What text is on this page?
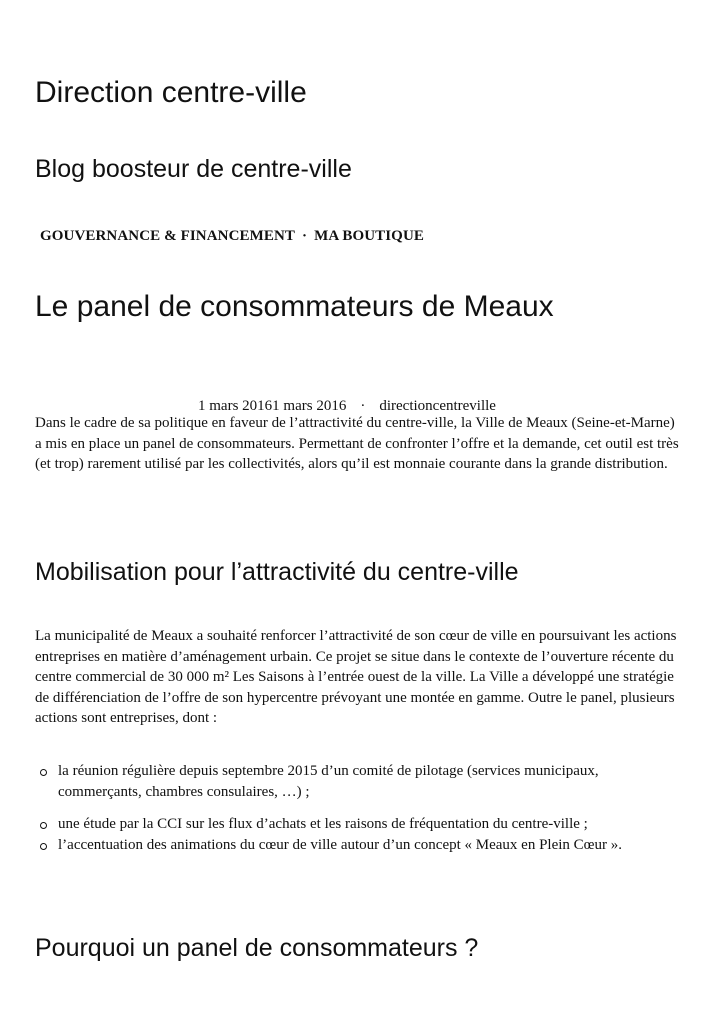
Direction centre-ville

Blog boosteur de centre-ville

GOUVERNANCE & FINANCEMENT · MA BOUTIQUE
Le panel de consommateurs de Meaux
1 mars 20161 mars 2016 · directioncentreville

Dans le cadre de sa politique en faveur de l’attractivité du centre-ville, la Ville de Meaux (Seine-et-Marne) a mis en place un panel de consommateurs. Permettant de confronter l’offre et la demande, cet outil est très (et trop) rarement utilisé par les collectivités, alors qu’il est monnaie courante dans la grande distribution.

Mobilisation pour l’attractivité du centre-ville

La municipalité de Meaux a souhaité renforcer l’attractivité de son cœur de ville en poursuivant les actions entreprises en matière d’aménagement urbain. Ce projet se situe dans le contexte de l’ouverture récente du centre commercial de 30 000 m² Les Saisons à l’entrée ouest de la ville. La Ville a développé une stratégie de différenciation de l’offre de son hypercentre prévoyant une montée en gamme. Outre le panel, plusieurs actions sont entreprises, dont :

la réunion régulière depuis septembre 2015 d’un comité de pilotage (services municipaux, commerçants, chambres consulaires, …) ;
une étude par la CCI sur les flux d’achats et les raisons de fréquentation du centre-ville ;
l’accentuation des animations du cœur de ville autour d’un concept « Meaux en Plein Cœur ».
Pourquoi un panel de consommateurs ?
